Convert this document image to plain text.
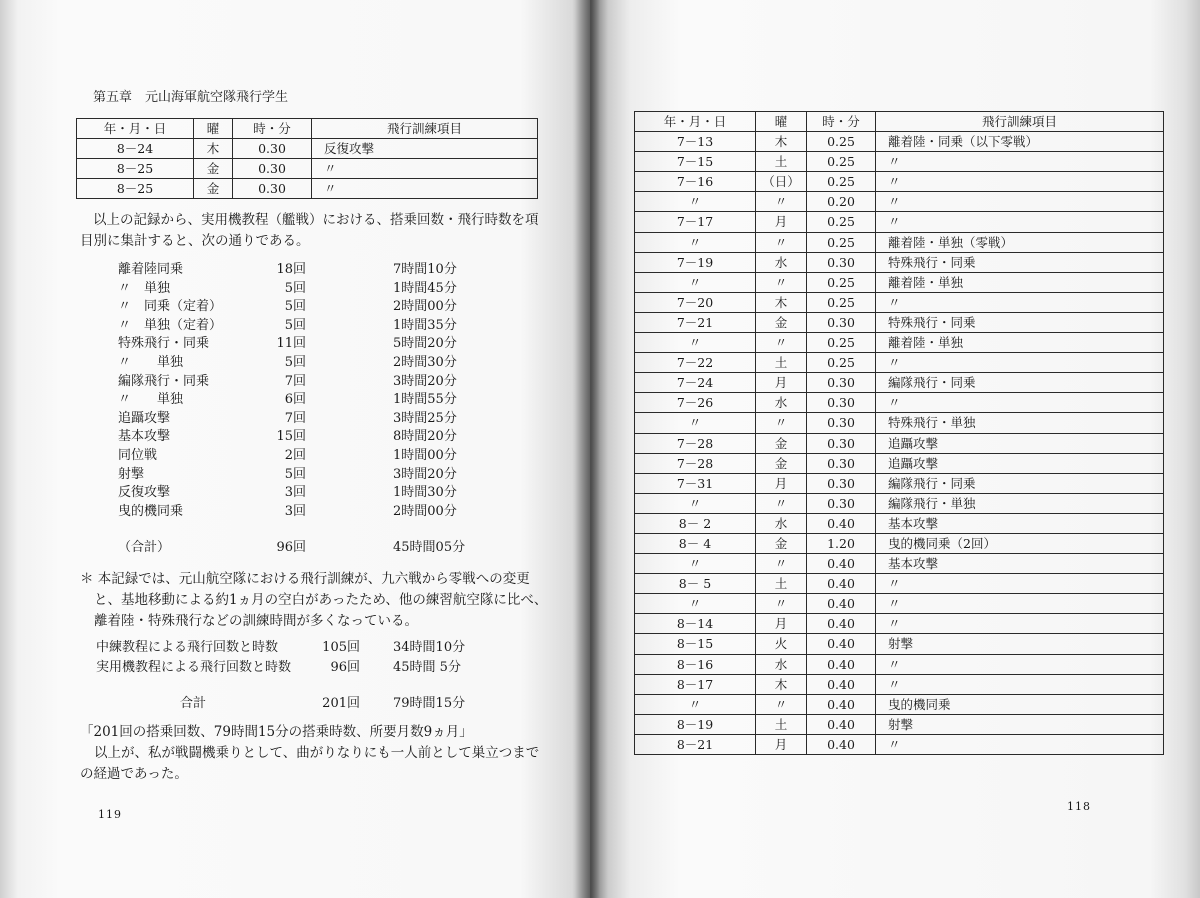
第五章　元山海軍航空隊飛行学生
年・月・日	曜	時・分	飛行訓練項目
8－24	木	0.30	反復攻撃
8－25	金	0.30	〃
8－25	金	0.30	〃
以上の記録から、実用機教程（艦戦）における、搭乗回数・飛行時数を項
目別に集計すると、次の通りである。
離着陸同乗	18回	7時間10分
〃　単独	5回	1時間45分
〃　同乗（定着）	5回	2時間00分
〃　単独（定着）	5回	1時間35分
特殊飛行・同乗	11回	5時間20分
〃　　単独	5回	2時間30分
編隊飛行・同乗	7回	3時間20分
〃　　単独	6回	1時間55分
追躡攻撃	7回	3時間25分
基本攻撃	15回	8時間20分
同位戦	2回	1時間00分
射撃	5回	3時間20分
反復攻撃	3回	1時間30分
曳的機同乗	3回	2時間00分
（合計）	96回	45時間05分
＊ 本記録では、元山航空隊における飛行訓練が、九六戦から零戦への変更
と、基地移動による約1ヵ月の空白があったため、他の練習航空隊に比べ、
離着陸・特殊飛行などの訓練時間が多くなっている。
中練教程による飛行回数と時数	105回	34時間10分
実用機教程による飛行回数と時数	96回	45時間 5分
合計	201回	79時間15分
「201回の搭乗回数、79時間15分の搭乗時数、所要月数9ヵ月」
以上が、私が戦闘機乗りとして、曲がりなりにも一人前として巣立つまで
の経過であった。
119
年・月・日	曜	時・分	飛行訓練項目
7－13	木	0.25	離着陸・同乗（以下零戦）
7－15	土	0.25	〃
7－16	（日）	0.25	〃
〃	〃	0.20	〃
7－17	月	0.25	〃
〃	〃	0.25	離着陸・単独（零戦）
7－19	水	0.30	特殊飛行・同乗
〃	〃	0.25	離着陸・単独
7－20	木	0.25	〃
7－21	金	0.30	特殊飛行・同乗
〃	〃	0.25	離着陸・単独
7－22	土	0.25	〃
7－24	月	0.30	編隊飛行・同乗
7－26	水	0.30	〃
〃	〃	0.30	特殊飛行・単独
7－28	金	0.30	追躡攻撃
7－28	金	0.30	追躡攻撃
7－31	月	0.30	編隊飛行・同乗
〃	〃	0.30	編隊飛行・単独
8－ 2	水	0.40	基本攻撃
8－ 4	金	1.20	曳的機同乗（2回）
〃	〃	0.40	基本攻撃
8－ 5	土	0.40	〃
〃	〃	0.40	〃
8－14	月	0.40	〃
8－15	火	0.40	射撃
8－16	水	0.40	〃
8－17	木	0.40	〃
〃	〃	0.40	曳的機同乗
8－19	土	0.40	射撃
8－21	月	0.40	〃
118
